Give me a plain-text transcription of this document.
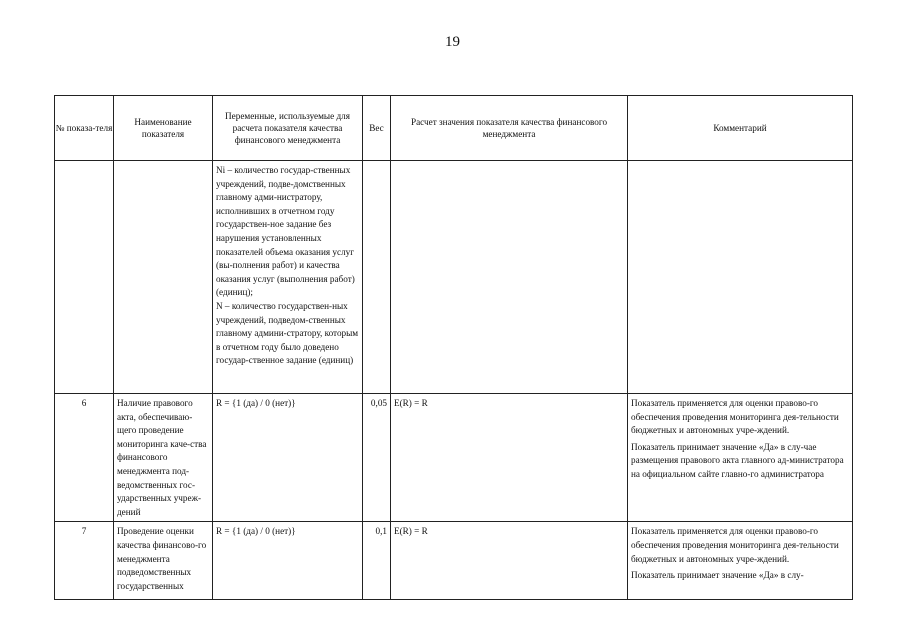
19
№ показа-теля	Наименование показателя	Переменные, используемые для расчета показателя качества финансового менеджмента	Вес	Расчет значения показателя качества финансового менеджмента	Комментарий

		Ni – количество государ-ственных учреждений, подве-домственных главному адми-нистратору, исполнивших в отчетном году государствен-ное задание без нарушения установленных показателей объема оказания услуг (вы-полнения работ) и качества оказания услуг (выполнения работ) (единиц);

N – количество государствен-ных учреждений, подведом-ственных главному админи-стратору, которым в отчетном году было доведено государ-ственное задание (единиц)			

6	Наличие правового акта, обеспечиваю-щего проведение мониторинга каче-ства финансового менеджмента под-ведомственных гос-ударственных учреж-дений	R = {1 (да) / 0 (нет)}	0,05	E(R) = R	Показатель применяется для оценки правово-го обеспечения проведения мониторинга дея-тельности бюджетных и автономных учре-ждений.

Показатель принимает значение «Да» в слу-чае размещения правового акта главного ад-министратора на официальном сайте главно-го администратора

7	Проведение оценки качества финансово-го менеджмента подведомственных государственных	R = {1 (да) / 0 (нет)}	0,1	E(R) = R	Показатель применяется для оценки правово-го обеспечения проведения мониторинга дея-тельности бюджетных и автономных учре-ждений.

Показатель принимает значение «Да» в слу-
